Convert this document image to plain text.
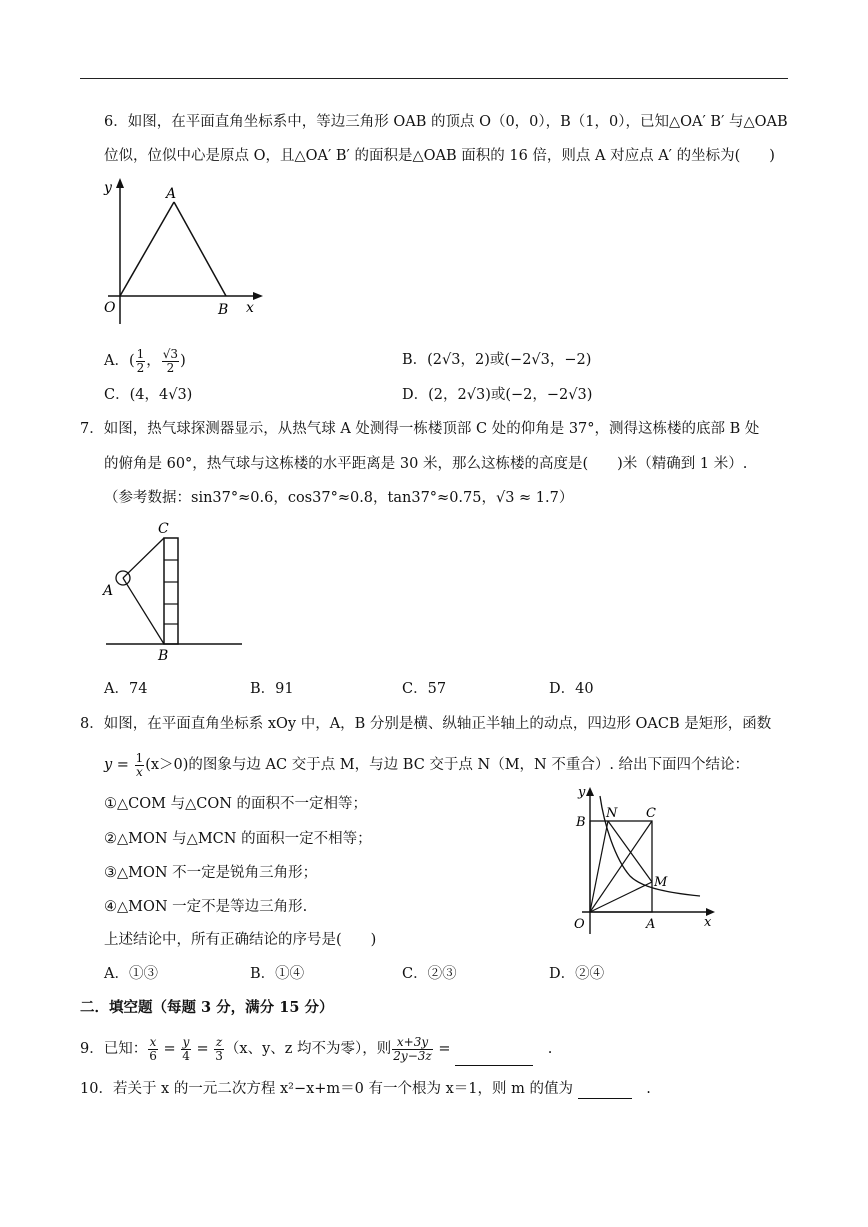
6．如图，在平面直角坐标系中，等边三角形 OAB 的顶点 O（0，0），B（1，0），已知△OA′ B′ 与△OAB
位似，位似中心是原点 O，且△OA′ B′ 的面积是△OAB 面积的 16 倍，则点 A 对应点 A′ 的坐标为(　　)
y	A
O	B x
A．( $\frac{1}{2}$ ， $\frac{√3}{2}$ )	B．(2√3，2)或(−2√3，−2)
C．(4，4√3)	D．(2，2√3)或(−2，−2√3)
7．如图，热气球探测器显示，从热气球 A 处测得一栋楼顶部 C 处的仰角是 37°，测得这栋楼的底部 B 处
的俯角是 60°，热气球与这栋楼的水平距离是 30 米，那么这栋楼的高度是(　　)米（精确到 1 米）.
（参考数据：sin37°≈0.6，cos37°≈0.8，tan37°≈0.75，√3 ≈ 1.7）
C
A
B
A．74	B．91	C．57	D．40
8．如图，在平面直角坐标系 xOy 中，A，B 分别是横、纵轴正半轴上的动点，四边形 OACB 是矩形，函数
$y = \frac{1}{x} (x>0)$的图象与边 AC 交于点 M，与边 BC 交于点 N（M，N 不重合）. 给出下面四个结论：
①△COM 与△CON 的面积不一定相等；
②△MON 与△MCN 的面积一定不相等；
③△MON 不一定是锐角三角形；
④△MON 一定不是等边三角形.
上述结论中，所有正确结论的序号是(　　)
y
B
N C
M
O	A	x
A．①③	B．①④	C．②③	D．②④
二．填空题（每题 3 分，满分 15 分）
9．已知： $\frac{x}{6} = \frac{y}{4} = \frac{z}{3} (x$、y、z 均不为零），则 $\frac{x+3y}{2y-3z}$ =	.
10．若关于 x 的一元二次方程 x²−x+m＝0 有一个根为 x＝1，则 m 的值为	.
